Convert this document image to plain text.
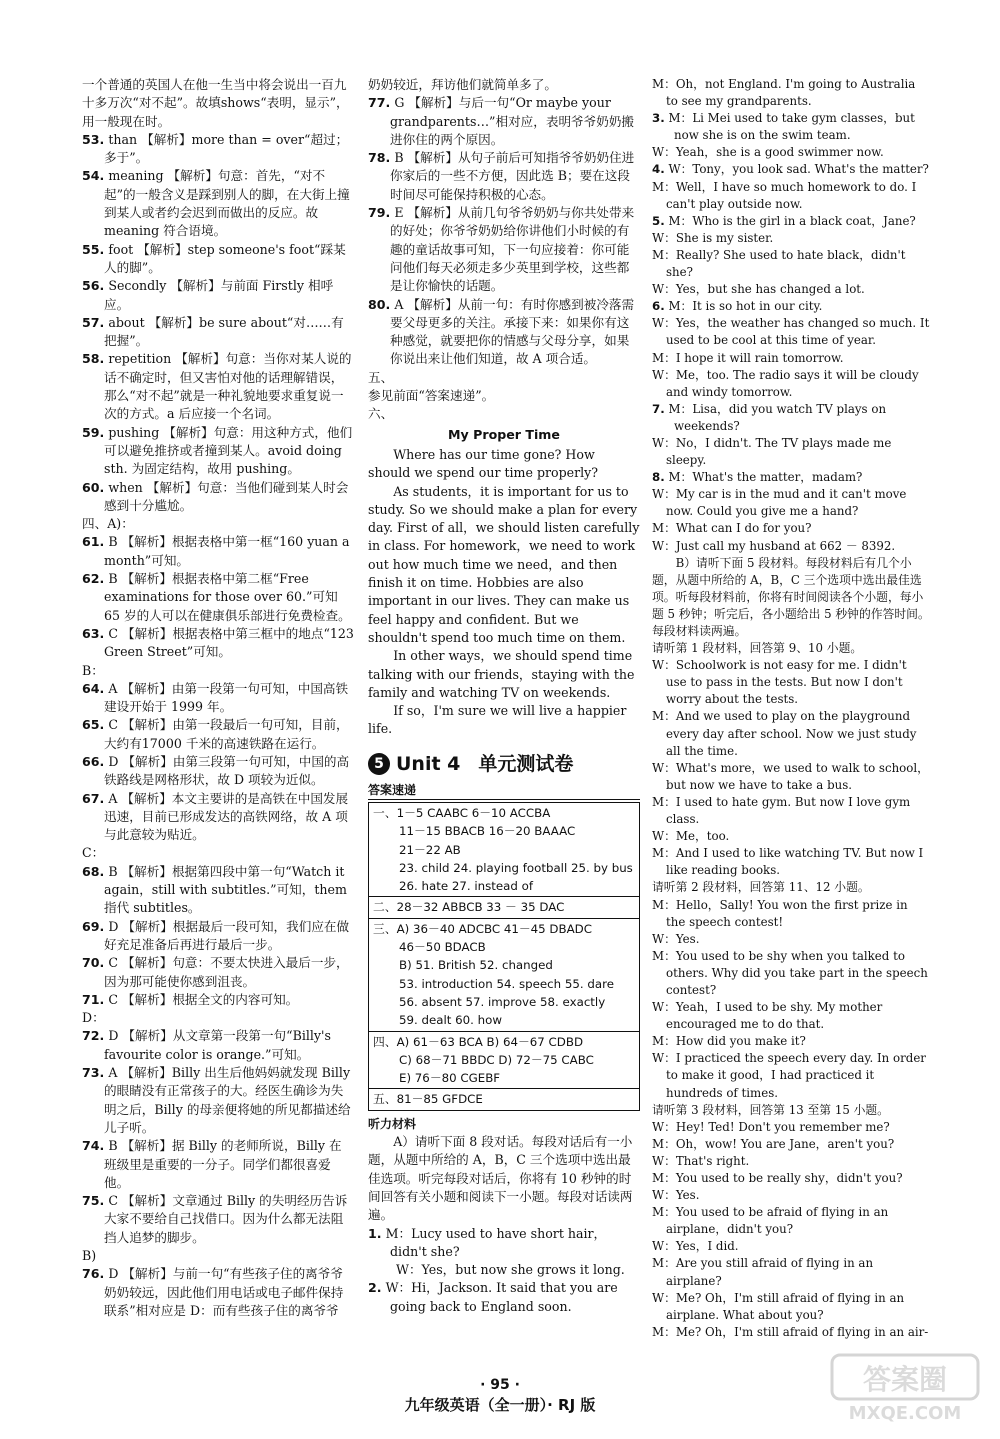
一个普通的英国人在他一生当中将会说出一百九十多万次“对不起”。故填shows“表明，显示”，用一般现在时。

53. than 【解析】more than = over“超过；多于”。

54. meaning 【解析】句意：首先，“对不起”的一般含义是踩到别人的脚，在大街上撞到某人或者约会迟到而做出的反应。故 meaning 符合语境。

55. foot 【解析】step someone's foot“踩某人的脚”。

56. Secondly 【解析】与前面 Firstly 相呼应。

57. about 【解析】be sure about“对……有把握”。

58. repetition 【解析】句意：当你对某人说的话不确定时，但又害怕对他的话理解错误，那么“对不起”就是一种礼貌地要求重复说一次的方式。a 后应接一个名词。

59. pushing 【解析】句意：用这种方式，他们可以避免推挤或者撞到某人。avoid doing sth. 为固定结构，故用 pushing。

60. when 【解析】句意：当他们碰到某人时会感到十分尴尬。

四、A)：

61. B 【解析】根据表格中第一框“160 yuan a month”可知。

62. B 【解析】根据表格中第二框“Free examinations for those over 60.”可知 65 岁的人可以在健康俱乐部进行免费检查。

63. C 【解析】根据表格中第三框中的地点“123 Green Street”可知。

B：

64. A 【解析】由第一段第一句可知，中国高铁建设开始于 1999 年。

65. C 【解析】由第一段最后一句可知，目前，大约有17000 千米的高速铁路在运行。

66. D 【解析】由第三段第一句可知，中国的高铁路线是网格形状，故 D 项较为近似。

67. A 【解析】本文主要讲的是高铁在中国发展迅速，目前已形成发达的高铁网络，故 A 项与此意较为贴近。

C：

68. B 【解析】根据第四段中第一句“Watch it again，still with subtitles.”可知，them 指代 subtitles。

69. D 【解析】根据最后一段可知，我们应在做好充足准备后再进行最后一步。

70. C 【解析】句意：不要太快进入最后一步，因为那可能使你感到沮丧。

71. C 【解析】根据全文的内容可知。

D：

72. D 【解析】从文章第一段第一句“Billy's favourite color is orange.”可知。

73. A 【解析】Billy 出生后他妈妈就发现 Billy 的眼睛没有正常孩子的大。经医生确诊为失明之后，Billy 的母亲便将她的所见都描述给儿子听。

74. B 【解析】据 Billy 的老师所说，Billy 在班级里是重要的一分子。同学们都很喜爱他。

75. C 【解析】文章通过 Billy 的失明经历告诉大家不要给自己找借口。因为什么都无法阻挡人追梦的脚步。

B)

76. D 【解析】与前一句“有些孩子住的离爷爷奶奶较远，因此他们用电话或电子邮件保持联系”相对应是 D：而有些孩子住的离爷爷

奶奶较近，拜访他们就简单多了。

77. G 【解析】与后一句“Or maybe your grandparents…”相对应，表明爷爷奶奶搬进你住的两个原因。

78. B 【解析】从句子前后可知指爷爷奶奶住进你家后的一些不方便，因此选 B；要在这段时间尽可能保持积极的心态。

79. E 【解析】从前几句爷爷奶奶与你共处带来的好处；你爷爷奶奶给你讲他们小时候的有趣的童话故事可知，下一句应接着：你可能问他们每天必须走多少英里到学校，这些都是让你愉快的话题。

80. A 【解析】从前一句：有时你感到被冷落需要父母更多的关注。承接下来：如果你有这种感觉，就要把你的情感与父母分享，如果你说出来让他们知道，故 A 项合适。

五、

参见前面“答案速递”。

六、

My Proper Time

Where has our time gone? How should we spend our time properly?

As students，it is important for us to study. So we should make a plan for every day. First of all，we should listen carefully in class. For homework，we need to work out how much time we need，and then finish it on time. Hobbies are also important in our lives. They can make us feel happy and confident. But we shouldn't spend too much time on them.

In other ways，we should spend time talking with our friends，staying with the family and watching TV on weekends.

If so，I'm sure we will live a happier life.

5 Unit 4 单元测试卷
答案速递
一、1－5 CAABC 6－10 ACCBA
11－15 BBACB 16－20 BAAAC
21－22 AB
23. child 24. playing football 25. by bus
26. hate 27. instead of
二、28－32 ABBCB 33 － 35 DAC
三、A) 36－40 ADCBC 41－45 DBADC
46－50 BDACB
B) 51. British 52. changed
53. introduction 54. speech 55. dare
56. absent 57. improve 58. exactly
59. dealt 60. how
四、A) 61－63 BCA B) 64－67 CDBD
C) 68－71 BBDC D) 72－75 CABC
E) 76－80 CGEBF
五、81－85 GFDCE
听力材料

A）请听下面 8 段对话。每段对话后有一小题，从题中所给的 A，B，C 三个选项中选出最佳选项。听完每段对话后，你将有 10 秒钟的时间回答有关小题和阅读下一小题。每段对话读两遍。

1. M：Lucy used to have short hair，didn't she?

W：Yes，but now she grows it long.

2. W：Hi，Jackson. It said that you are going back to England soon.

M：Oh，not England. I'm going to Australia to see my grandparents.

3. M：Li Mei used to take gym classes，but now she is on the swim team.

W：Yeah，she is a good swimmer now.

4. W：Tony，you look sad. What's the matter?

M：Well，I have so much homework to do. I can't play outside now.

5. M：Who is the girl in a black coat，Jane?

W：She is my sister.

M：Really? She used to hate black，didn't she?

W：Yes，but she has changed a lot.

6. M：It is so hot in our city.

W：Yes，the weather has changed so much. It used to be cool at this time of year.

M：I hope it will rain tomorrow.

W：Me，too. The radio says it will be cloudy and windy tomorrow.

7. M：Lisa，did you watch TV plays on weekends?

W：No，I didn't. The TV plays made me sleepy.

8. M：What's the matter，madam?

W：My car is in the mud and it can't move now. Could you give me a hand?

M：What can I do for you?

W：Just call my husband at 662 － 8392.

B）请听下面 5 段材料。每段材料后有几个小题，从题中所给的 A，B，C 三个选项中选出最佳选项。听每段材料前，你将有时间阅读各个小题，每小题 5 秒钟；听完后，各小题给出 5 秒钟的作答时间。每段材料读两遍。

请听第 1 段材料，回答第 9、10 小题。

W：Schoolwork is not easy for me. I didn't use to pass in the tests. But now I don't worry about the tests.

M：And we used to play on the playground every day after school. Now we just study all the time.

W：What's more，we used to walk to school，but now we have to take a bus.

M：I used to hate gym. But now I love gym class.

W：Me，too.

M：And I used to like watching TV. But now I like reading books.

请听第 2 段材料，回答第 11、12 小题。

M：Hello，Sally! You won the first prize in the speech contest!

W：Yes.

M：You used to be shy when you talked to others. Why did you take part in the speech contest?

W：Yeah，I used to be shy. My mother encouraged me to do that.

M：How did you make it?

W：I practiced the speech every day. In order to make it good，I had practiced it hundreds of times.

请听第 3 段材料，回答第 13 至第 15 小题。

W：Hey! Ted! Don't you remember me?

M：Oh，wow! You are Jane，aren't you?

W：That's right.

M：You used to be really shy，didn't you?

W：Yes.

M：You used to be afraid of flying in an airplane，didn't you?

W：Yes，I did.

M：Are you still afraid of flying in an airplane?

W：Me? Oh，I'm still afraid of flying in an airplane. What about you?

M：Me? Oh，I'm still afraid of flying in an air-

· 95 ·
九年级英语（全一册）· RJ 版
答案圈
MXQE.COM
